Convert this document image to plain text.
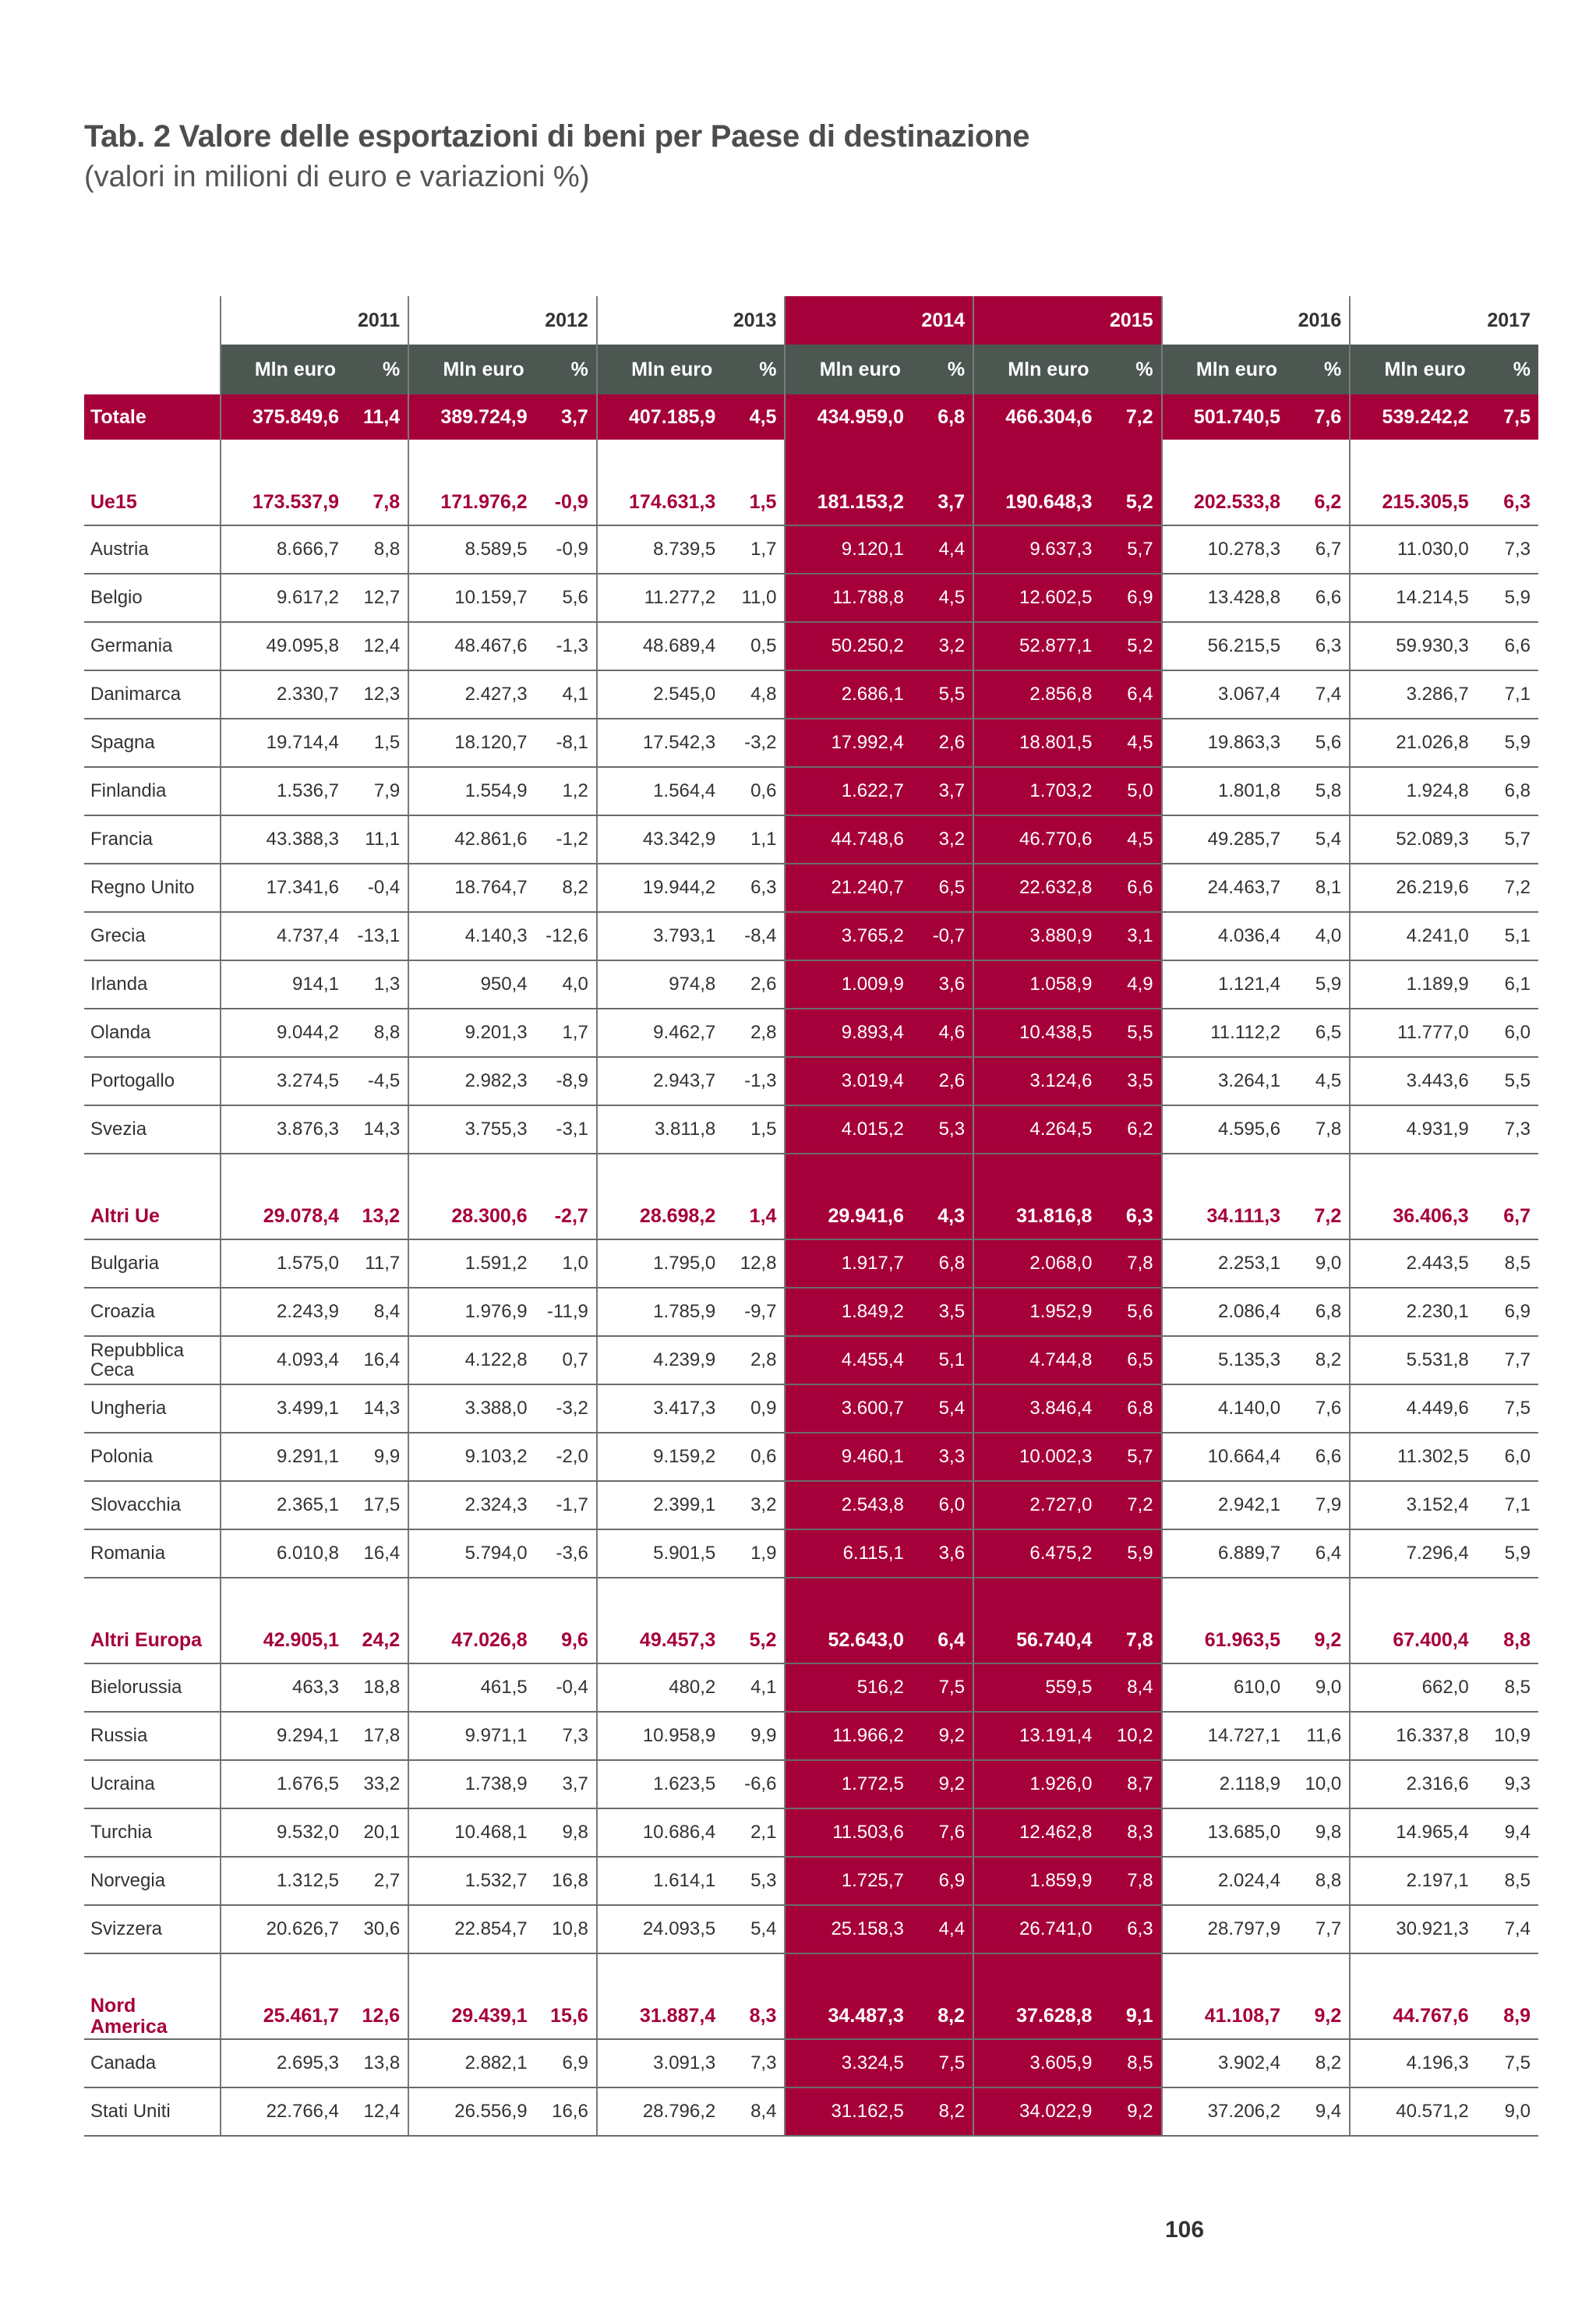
Tab. 2 Valore delle esportazioni di beni per Paese di destinazione
(valori in milioni di euro e variazioni %)
	2011		2012		2013		2014		2015		2016		2017	
	Mln euro	%	Mln euro	%	Mln euro	%	Mln euro	%	Mln euro	%	Mln euro	%	Mln euro	%
Totale	375.849,6	11,4	389.724,9	3,7	407.185,9	4,5	434.959,0	6,8	466.304,6	7,2	501.740,5	7,6	539.242,2	7,5

Ue15	173.537,9	7,8	171.976,2	-0,9	174.631,3	1,5	181.153,2	3,7	190.648,3	5,2	202.533,8	6,2	215.305,5	6,3
Austria	8.666,7	8,8	8.589,5	-0,9	8.739,5	1,7	9.120,1	4,4	9.637,3	5,7	10.278,3	6,7	11.030,0	7,3
Belgio	9.617,2	12,7	10.159,7	5,6	11.277,2	11,0	11.788,8	4,5	12.602,5	6,9	13.428,8	6,6	14.214,5	5,9
Germania	49.095,8	12,4	48.467,6	-1,3	48.689,4	0,5	50.250,2	3,2	52.877,1	5,2	56.215,5	6,3	59.930,3	6,6
Danimarca	2.330,7	12,3	2.427,3	4,1	2.545,0	4,8	2.686,1	5,5	2.856,8	6,4	3.067,4	7,4	3.286,7	7,1
Spagna	19.714,4	1,5	18.120,7	-8,1	17.542,3	-3,2	17.992,4	2,6	18.801,5	4,5	19.863,3	5,6	21.026,8	5,9
Finlandia	1.536,7	7,9	1.554,9	1,2	1.564,4	0,6	1.622,7	3,7	1.703,2	5,0	1.801,8	5,8	1.924,8	6,8
Francia	43.388,3	11,1	42.861,6	-1,2	43.342,9	1,1	44.748,6	3,2	46.770,6	4,5	49.285,7	5,4	52.089,3	5,7
Regno Unito	17.341,6	-0,4	18.764,7	8,2	19.944,2	6,3	21.240,7	6,5	22.632,8	6,6	24.463,7	8,1	26.219,6	7,2
Grecia	4.737,4	-13,1	4.140,3	-12,6	3.793,1	-8,4	3.765,2	-0,7	3.880,9	3,1	4.036,4	4,0	4.241,0	5,1
Irlanda	914,1	1,3	950,4	4,0	974,8	2,6	1.009,9	3,6	1.058,9	4,9	1.121,4	5,9	1.189,9	6,1
Olanda	9.044,2	8,8	9.201,3	1,7	9.462,7	2,8	9.893,4	4,6	10.438,5	5,5	11.112,2	6,5	11.777,0	6,0
Portogallo	3.274,5	-4,5	2.982,3	-8,9	2.943,7	-1,3	3.019,4	2,6	3.124,6	3,5	3.264,1	4,5	3.443,6	5,5
Svezia	3.876,3	14,3	3.755,3	-3,1	3.811,8	1,5	4.015,2	5,3	4.264,5	6,2	4.595,6	7,8	4.931,9	7,3

Altri Ue	29.078,4	13,2	28.300,6	-2,7	28.698,2	1,4	29.941,6	4,3	31.816,8	6,3	34.111,3	7,2	36.406,3	6,7
Bulgaria	1.575,0	11,7	1.591,2	1,0	1.795,0	12,8	1.917,7	6,8	2.068,0	7,8	2.253,1	9,0	2.443,5	8,5
Croazia	2.243,9	8,4	1.976,9	-11,9	1.785,9	-9,7	1.849,2	3,5	1.952,9	5,6	2.086,4	6,8	2.230,1	6,9
Repubblica Ceca	4.093,4	16,4	4.122,8	0,7	4.239,9	2,8	4.455,4	5,1	4.744,8	6,5	5.135,3	8,2	5.531,8	7,7
Ungheria	3.499,1	14,3	3.388,0	-3,2	3.417,3	0,9	3.600,7	5,4	3.846,4	6,8	4.140,0	7,6	4.449,6	7,5
Polonia	9.291,1	9,9	9.103,2	-2,0	9.159,2	0,6	9.460,1	3,3	10.002,3	5,7	10.664,4	6,6	11.302,5	6,0
Slovacchia	2.365,1	17,5	2.324,3	-1,7	2.399,1	3,2	2.543,8	6,0	2.727,0	7,2	2.942,1	7,9	3.152,4	7,1
Romania	6.010,8	16,4	5.794,0	-3,6	5.901,5	1,9	6.115,1	3,6	6.475,2	5,9	6.889,7	6,4	7.296,4	5,9

Altri Europa	42.905,1	24,2	47.026,8	9,6	49.457,3	5,2	52.643,0	6,4	56.740,4	7,8	61.963,5	9,2	67.400,4	8,8
Bielorussia	463,3	18,8	461,5	-0,4	480,2	4,1	516,2	7,5	559,5	8,4	610,0	9,0	662,0	8,5
Russia	9.294,1	17,8	9.971,1	7,3	10.958,9	9,9	11.966,2	9,2	13.191,4	10,2	14.727,1	11,6	16.337,8	10,9
Ucraina	1.676,5	33,2	1.738,9	3,7	1.623,5	-6,6	1.772,5	9,2	1.926,0	8,7	2.118,9	10,0	2.316,6	9,3
Turchia	9.532,0	20,1	10.468,1	9,8	10.686,4	2,1	11.503,6	7,6	12.462,8	8,3	13.685,0	9,8	14.965,4	9,4
Norvegia	1.312,5	2,7	1.532,7	16,8	1.614,1	5,3	1.725,7	6,9	1.859,9	7,8	2.024,4	8,8	2.197,1	8,5
Svizzera	20.626,7	30,6	22.854,7	10,8	24.093,5	5,4	25.158,3	4,4	26.741,0	6,3	28.797,9	7,7	30.921,3	7,4

Nord America	25.461,7	12,6	29.439,1	15,6	31.887,4	8,3	34.487,3	8,2	37.628,8	9,1	41.108,7	9,2	44.767,6	8,9
Canada	2.695,3	13,8	2.882,1	6,9	3.091,3	7,3	3.324,5	7,5	3.605,9	8,5	3.902,4	8,2	4.196,3	7,5
Stati Uniti	22.766,4	12,4	26.556,9	16,6	28.796,2	8,4	31.162,5	8,2	34.022,9	9,2	37.206,2	9,4	40.571,2	9,0
106
